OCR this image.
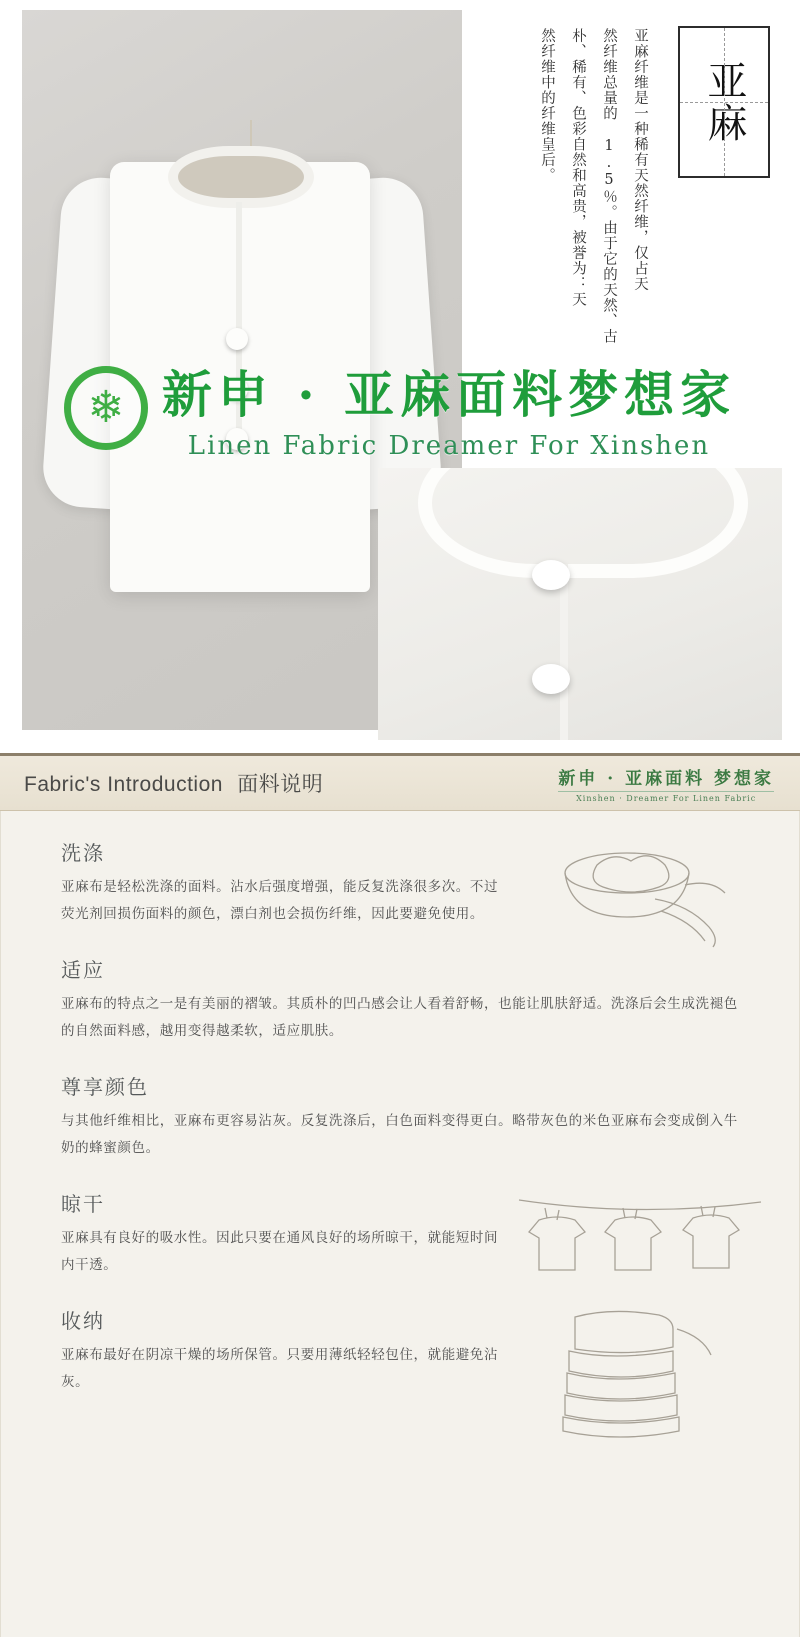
亚麻纤维是一种稀有天然纤维，仅占天
然纤维总量的 1.5％。由于它的天然、古
朴、稀有、色彩自然和高贵，被誉为：天
然纤维中的纤维皇后。	亚麻
❄ 新申 · 亚麻面料梦想家
Linen Fabric Dreamer For Xinshen
Fabric's Introduction 面料说明	新申 · 亚麻面料 梦想家
Xinshen · Dreamer For Linen Fabric
洗涤

亚麻布是轻松洗涤的面料。沾水后强度增强，能反复洗涤很多次。不过荧光剂回损伤面料的颜色，漂白剂也会损伤纤维，因此要避免使用。

适应

亚麻布的特点之一是有美丽的褶皱。其质朴的凹凸感会让人看着舒畅，也能让肌肤舒适。洗涤后会生成洗褪色的自然面料感，越用变得越柔软，适应肌肤。

尊享颜色

与其他纤维相比，亚麻布更容易沾灰。反复洗涤后，白色面料变得更白。略带灰色的米色亚麻布会变成倒入牛奶的蜂蜜颜色。

晾干

亚麻具有良好的吸水性。因此只要在通风良好的场所晾干，就能短时间内干透。

收纳

亚麻布最好在阴凉干燥的场所保管。只要用薄纸轻轻包住，就能避免沾灰。
